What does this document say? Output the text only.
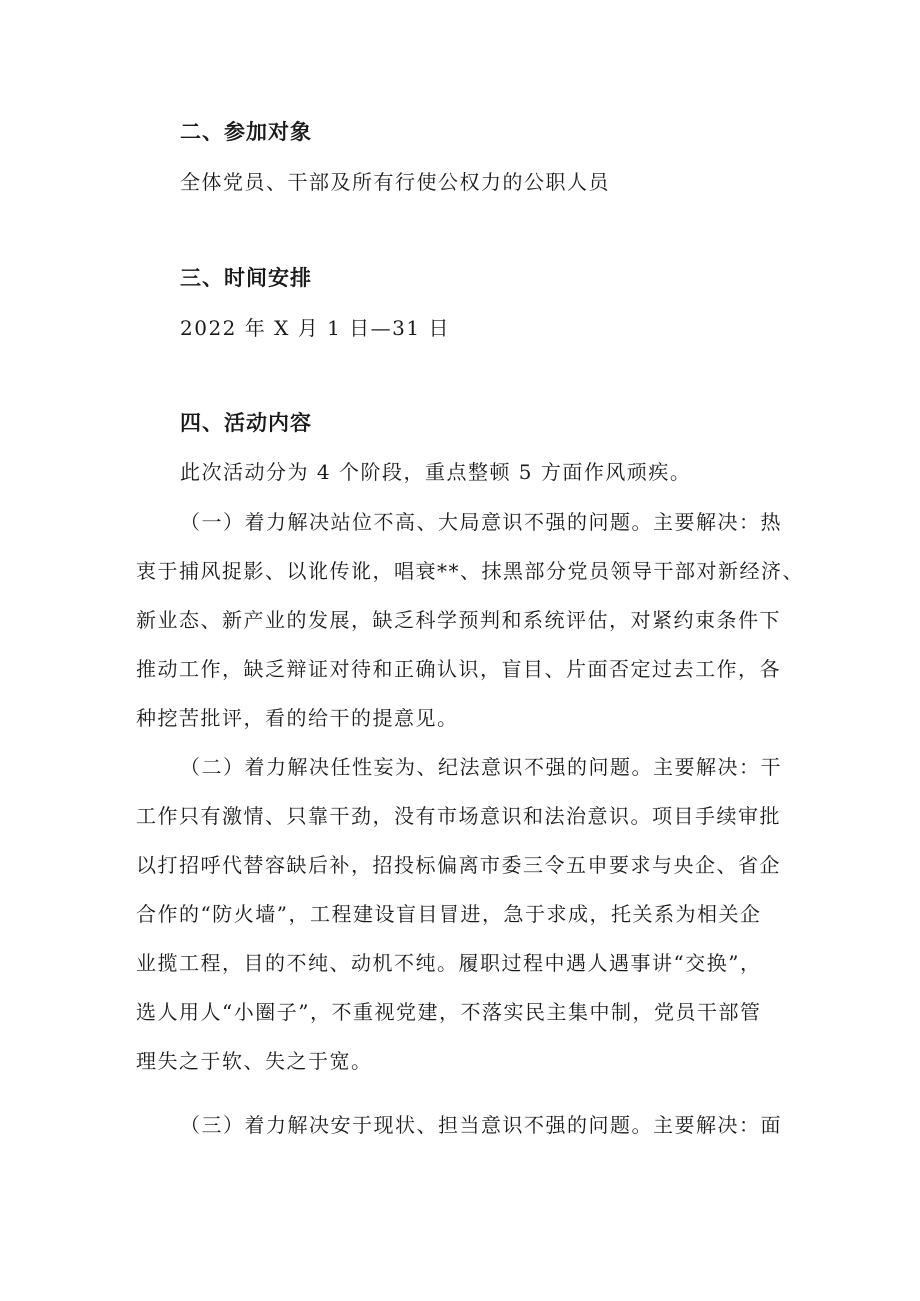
二、参加对象

全体党员、干部及所有行使公权力的公职人员

三、时间安排

2022 年 X 月 1 日—31 日

四、活动内容

此次活动分为 4 个阶段，重点整顿 5 方面作风顽疾。

（一）着力解决站位不高、大局意识不强的问题。主要解决：热

衷于捕风捉影、以讹传讹，唱衰**、抹黑部分党员领导干部对新经济、

新业态、新产业的发展，缺乏科学预判和系统评估，对紧约束条件下

推动工作，缺乏辩证对待和正确认识，盲目、片面否定过去工作，各

种挖苦批评，看的给干的提意见。

（二）着力解决任性妄为、纪法意识不强的问题。主要解决：干

工作只有激情、只靠干劲，没有市场意识和法治意识。项目手续审批

以打招呼代替容缺后补，招投标偏离市委三令五申要求与央企、省企

合作的“防火墙”，工程建设盲目冒进，急于求成，托关系为相关企

业揽工程，目的不纯、动机不纯。履职过程中遇人遇事讲“交换”，

选人用人“小圈子”，不重视党建，不落实民主集中制，党员干部管

理失之于软、失之于宽。

（三）着力解决安于现状、担当意识不强的问题。主要解决：面
